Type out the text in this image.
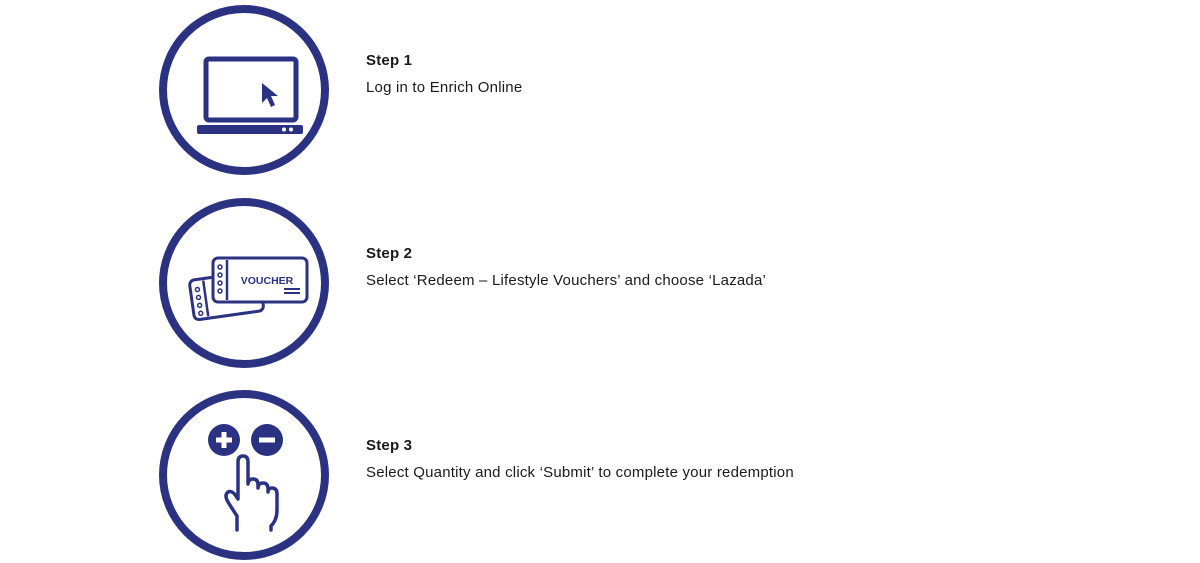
Step 1

Log in to Enrich Online

VOUCHER

Step 2

Select ‘Redeem – Lifestyle Vouchers’ and choose ‘Lazada’

Step 3

Select Quantity and click ‘Submit’ to complete your redemption
